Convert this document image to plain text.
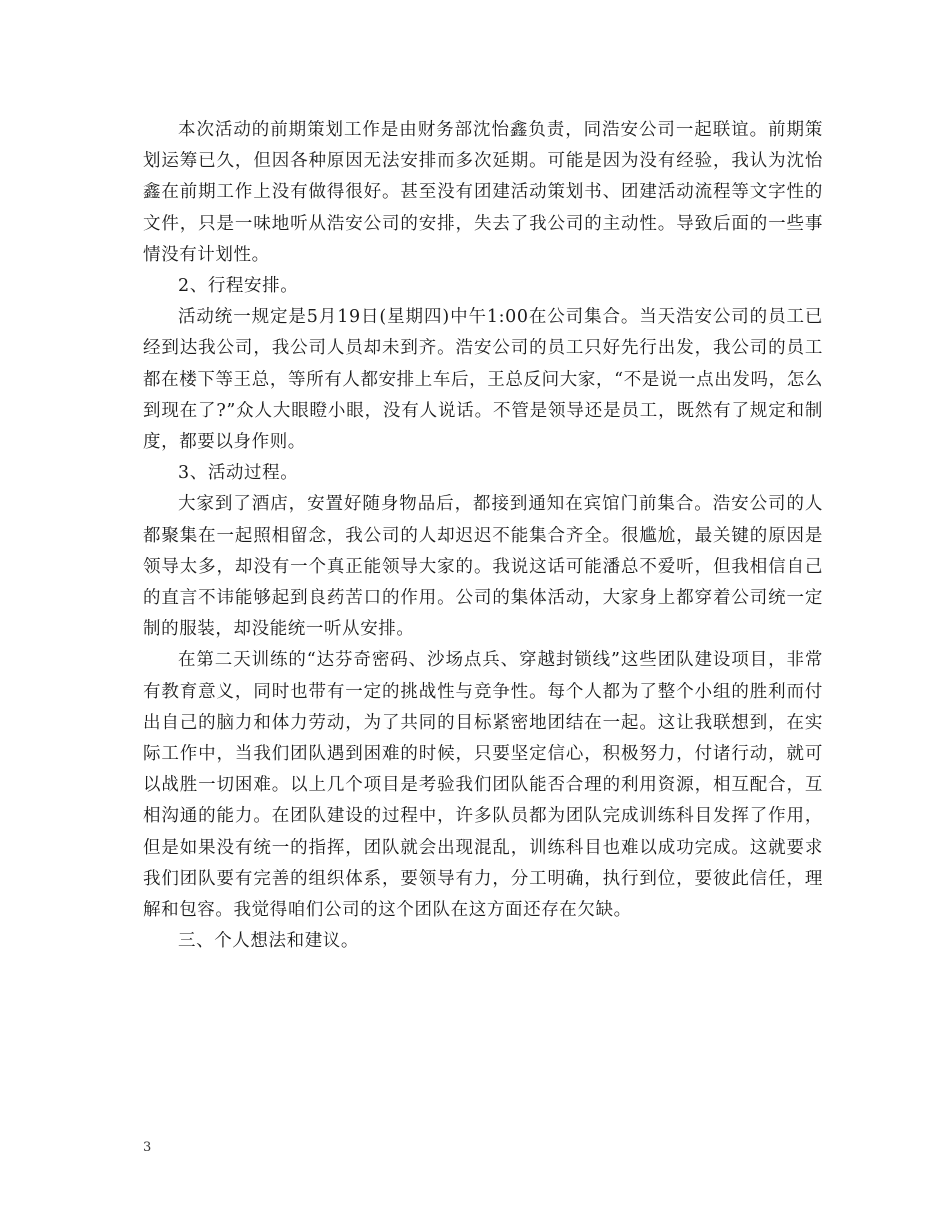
本次活动的前期策划工作是由财务部沈怡鑫负责，同浩安公司一起联谊。前期策划运筹已久，但因各种原因无法安排而多次延期。可能是因为没有经验，我认为沈怡鑫在前期工作上没有做得很好。甚至没有团建活动策划书、团建活动流程等文字性的文件，只是一味地听从浩安公司的安排，失去了我公司的主动性。导致后面的一些事情没有计划性。

2、行程安排。

活动统一规定是5月19日(星期四)中午1:00在公司集合。当天浩安公司的员工已经到达我公司，我公司人员却未到齐。浩安公司的员工只好先行出发，我公司的员工都在楼下等王总，等所有人都安排上车后，王总反问大家，“不是说一点出发吗，怎么到现在了?”众人大眼瞪小眼，没有人说话。不管是领导还是员工，既然有了规定和制度，都要以身作则。

3、活动过程。

大家到了酒店，安置好随身物品后，都接到通知在宾馆门前集合。浩安公司的人都聚集在一起照相留念，我公司的人却迟迟不能集合齐全。很尴尬，最关键的原因是领导太多，却没有一个真正能领导大家的。我说这话可能潘总不爱听，但我相信自己的直言不讳能够起到良药苦口的作用。公司的集体活动，大家身上都穿着公司统一定制的服装，却没能统一听从安排。

在第二天训练的“达芬奇密码、沙场点兵、穿越封锁线”这些团队建设项目，非常有教育意义，同时也带有一定的挑战性与竞争性。每个人都为了整个小组的胜利而付出自己的脑力和体力劳动，为了共同的目标紧密地团结在一起。这让我联想到，在实际工作中，当我们团队遇到困难的时候，只要坚定信心，积极努力，付诸行动，就可以战胜一切困难。以上几个项目是考验我们团队能否合理的利用资源，相互配合，互相沟通的能力。在团队建设的过程中，许多队员都为团队完成训练科目发挥了作用，但是如果没有统一的指挥，团队就会出现混乱，训练科目也难以成功完成。这就要求我们团队要有完善的组织体系，要领导有力，分工明确，执行到位，要彼此信任，理解和包容。我觉得咱们公司的这个团队在这方面还存在欠缺。

三、个人想法和建议。

3
